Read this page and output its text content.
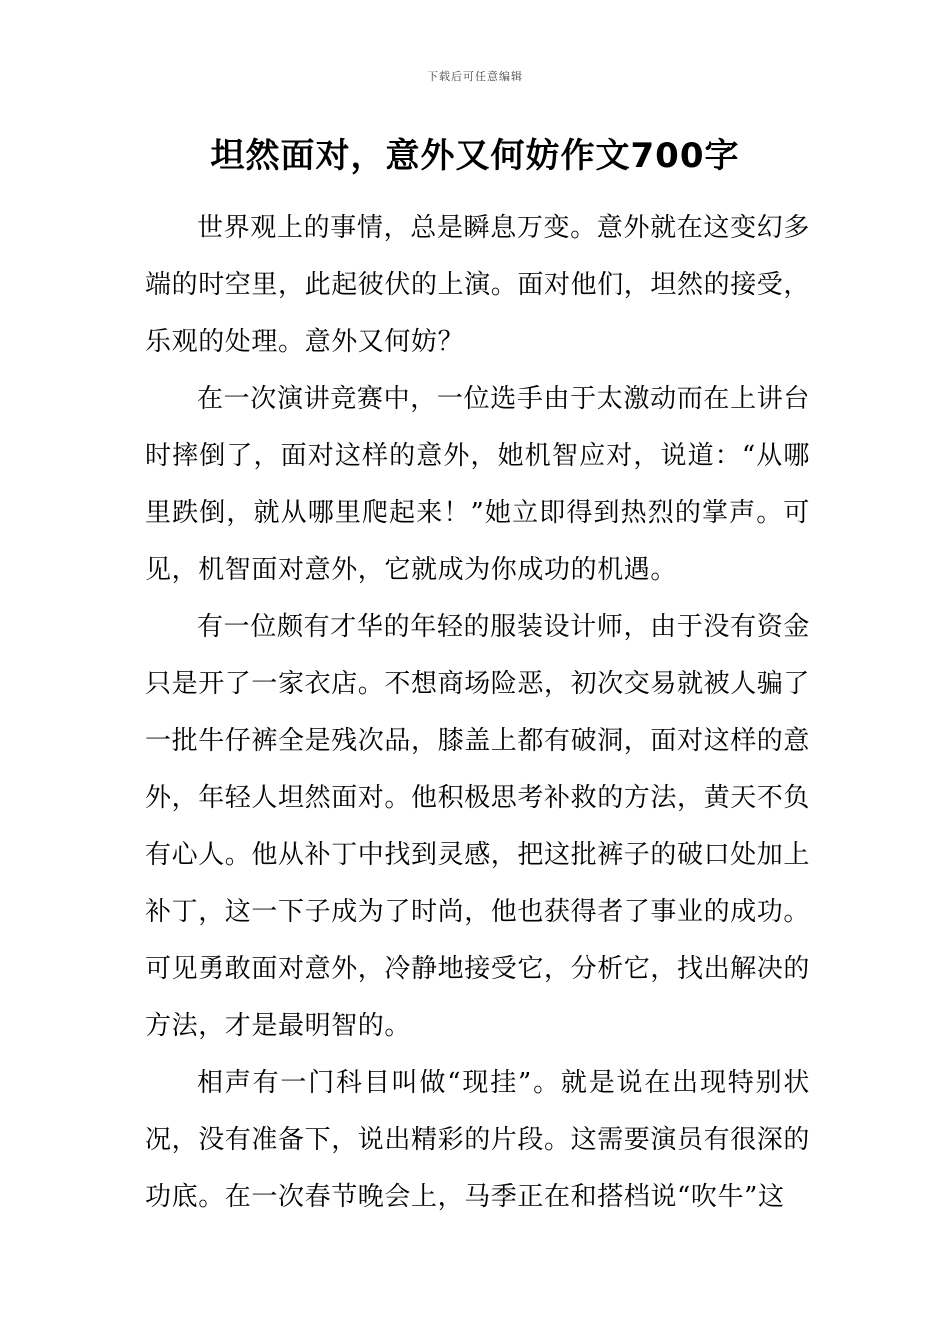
下载后可任意编辑
坦然面对，意外又何妨作文700字

世界观上的事情，总是瞬息万变。意外就在这变幻多端的时空里，此起彼伏的上演。面对他们，坦然的接受，乐观的处理。意外又何妨？

在一次演讲竞赛中，一位选手由于太激动而在上讲台时摔倒了，面对这样的意外，她机智应对，说道：“从哪里跌倒，就从哪里爬起来！”她立即得到热烈的掌声。可见，机智面对意外，它就成为你成功的机遇。

有一位颇有才华的年轻的服装设计师，由于没有资金只是开了一家衣店。不想商场险恶，初次交易就被人骗了一批牛仔裤全是残次品，膝盖上都有破洞，面对这样的意外，年轻人坦然面对。他积极思考补救的方法，黄天不负有心人。他从补丁中找到灵感，把这批裤子的破口处加上补丁，这一下子成为了时尚，他也获得者了事业的成功。可见勇敢面对意外，冷静地接受它，分析它，找出解决的方法，才是最明智的。

相声有一门科目叫做“现挂”。就是说在出现特别状况，没有准备下，说出精彩的片段。这需要演员有很深的功底。在一次春节晚会上，马季正在和搭档说“吹牛”这
